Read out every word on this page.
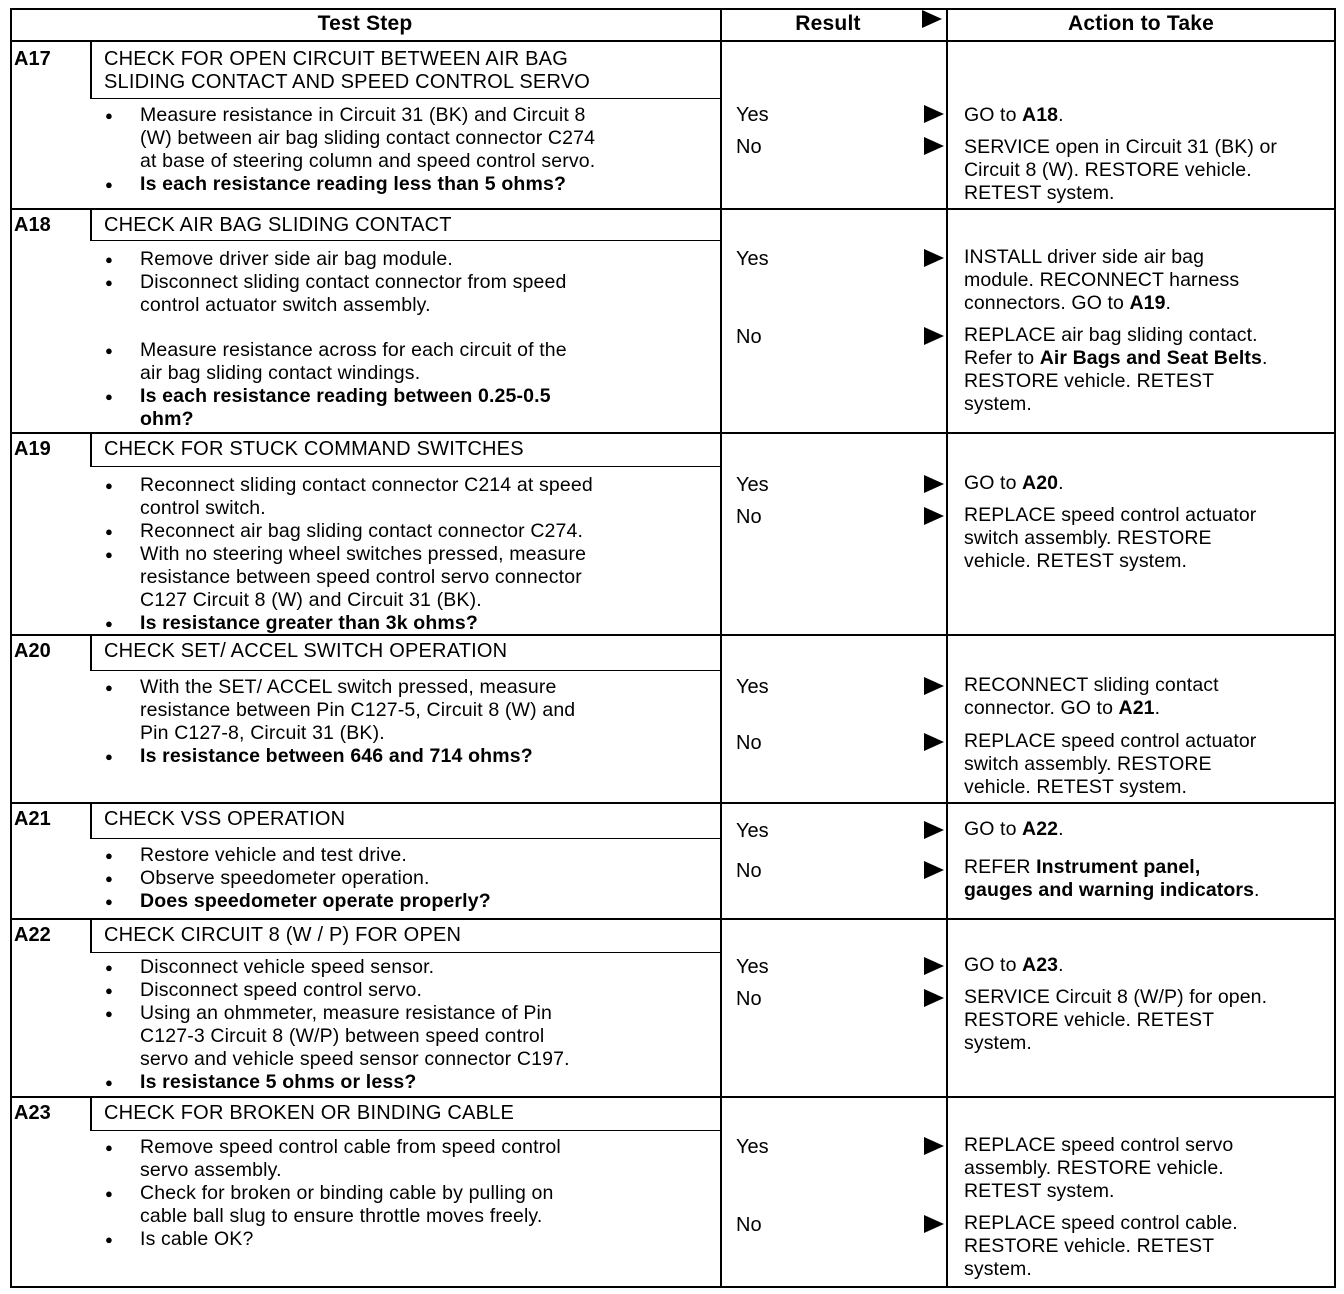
Test Step	Result	Action to Take
A17	CHECK FOR OPEN CIRCUIT BETWEEN AIR BAG
SLIDING CONTACT AND SPEED CONTROL SERVO
● Measure resistance in Circuit 31 (BK) and Circuit 8
(W) between air bag sliding contact connector C274
at base of steering column and speed control servo.
● Is each resistance reading less than 5 ohms?
Yes	GO to A18.
No	SERVICE open in Circuit 31 (BK) or
Circuit 8 (W). RESTORE vehicle.
RETEST system.
A18	CHECK AIR BAG SLIDING CONTACT
● Remove driver side air bag module.
● Disconnect sliding contact connector from speed
control actuator switch assembly.
● Measure resistance across for each circuit of the
air bag sliding contact windings.
● Is each resistance reading between 0.25-0.5
ohm?
Yes	INSTALL driver side air bag
module. RECONNECT harness
connectors. GO to A19.
No	REPLACE air bag sliding contact.
Refer to Air Bags and Seat Belts.
RESTORE vehicle. RETEST
system.
A19	CHECK FOR STUCK COMMAND SWITCHES
● Reconnect sliding contact connector C214 at speed
control switch.
● Reconnect air bag sliding contact connector C274.
● With no steering wheel switches pressed, measure
resistance between speed control servo connector
C127 Circuit 8 (W) and Circuit 31 (BK).
● Is resistance greater than 3k ohms?
Yes	GO to A20.
No	REPLACE speed control actuator
switch assembly. RESTORE
vehicle. RETEST system.
A20	CHECK SET/ ACCEL SWITCH OPERATION
● With the SET/ ACCEL switch pressed, measure
resistance between Pin C127-5, Circuit 8 (W) and
Pin C127-8, Circuit 31 (BK).
● Is resistance between 646 and 714 ohms?
Yes	RECONNECT sliding contact
connector. GO to A21.
No	REPLACE speed control actuator
switch assembly. RESTORE
vehicle. RETEST system.
A21	CHECK VSS OPERATION
● Restore vehicle and test drive.
● Observe speedometer operation.
● Does speedometer operate properly?
Yes	GO to A22.
No	REFER Instrument panel,
gauges and warning indicators.
A22	CHECK CIRCUIT 8 (W / P) FOR OPEN
● Disconnect vehicle speed sensor.
● Disconnect speed control servo.
● Using an ohmmeter, measure resistance of Pin
C127-3 Circuit 8 (W/P) between speed control
servo and vehicle speed sensor connector C197.
● Is resistance 5 ohms or less?
Yes	GO to A23.
No	SERVICE Circuit 8 (W/P) for open.
RESTORE vehicle. RETEST
system.
A23	CHECK FOR BROKEN OR BINDING CABLE
● Remove speed control cable from speed control
servo assembly.
● Check for broken or binding cable by pulling on
cable ball slug to ensure throttle moves freely.
● Is cable OK?
Yes	REPLACE speed control servo
assembly. RESTORE vehicle.
RETEST system.
No	REPLACE speed control cable.
RESTORE vehicle. RETEST
system.
